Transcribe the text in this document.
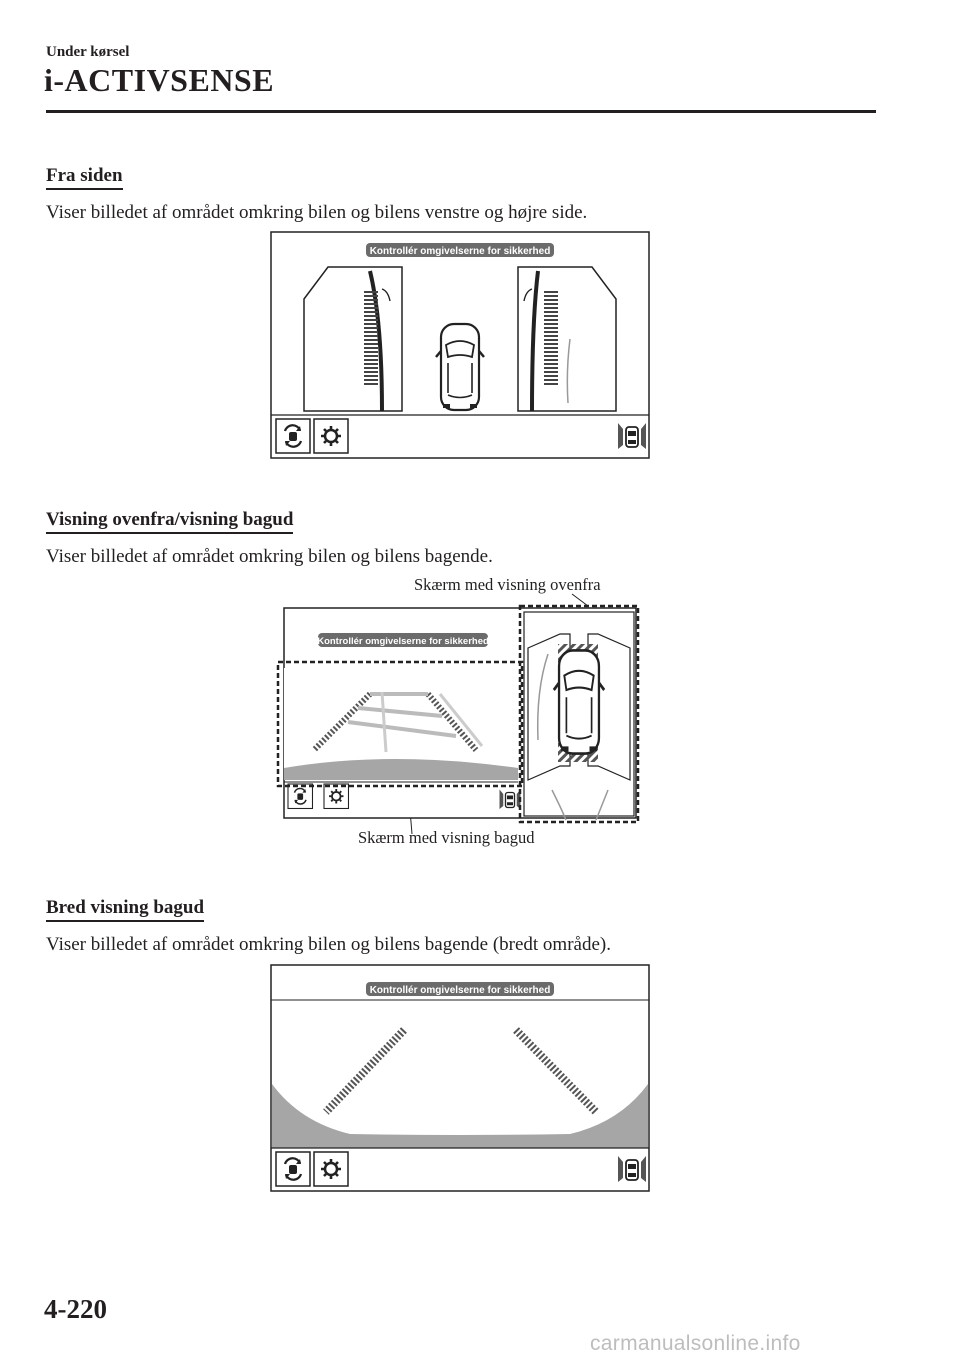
Under kørsel
i-ACTIVSENSE
Fra siden
Viser billedet af området omkring bilen og bilens venstre og højre side.
Kontrollér omgivelserne for sikkerhed
Visning ovenfra/visning bagud
Viser billedet af området omkring bilen og bilens bagende.
Skærm med visning ovenfra
Kontrollér omgivelserne for sikkerhed
Skærm med visning bagud
Bred visning bagud
Viser billedet af området omkring bilen og bilens bagende (bredt område).
Kontrollér omgivelserne for sikkerhed
4-220
carmanualsonline.info
